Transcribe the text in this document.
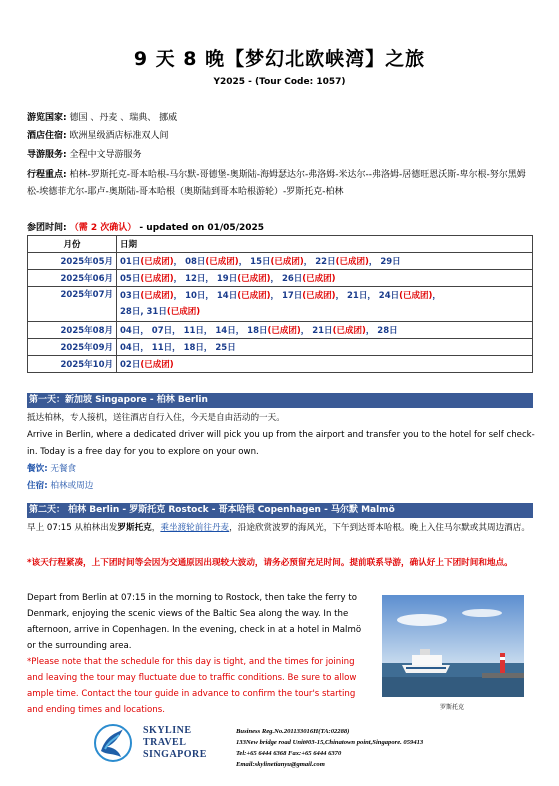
9 天 8 晚【梦幻北欧峡湾】之旅
Y2025 - (Tour Code: 1057)
游览国家: 德国 、丹麦 、瑞典、 挪威
酒店住宿: 欧洲星级酒店标准双人间
导游服务: 全程中文导游服务
行程重点: 柏林-罗斯托克-哥本哈根-马尔默-哥德堡-奥斯陆-海姆瑟达尔-弗洛姆-米达尔--弗洛姆-居德旺恩沃斯-卑尔根-努尔黑姆松-埃德菲尤尔-耶卢-奥斯陆-哥本哈根（奥斯陆到哥本哈根游轮）-罗斯托克-柏林
参团时间: （需 2 次确认） - updated on 01/05/2025
月份	日期
2025年05月	01日(已成团)， 08日(已成团)， 15日(已成团)， 22日(已成团)， 29日
2025年06月	05日(已成团)， 12日， 19日(已成团)， 26日(已成团)
2025年07月	03日(已成团)， 10日， 14日(已成团)， 17日(已成团)， 21日， 24日(已成团)，
28日, 31日(已成团)

2025年08月	04日， 07日， 11日， 14日， 18日(已成团)， 21日(已成团)， 28日
2025年09月	04日， 11日， 18日， 25日
2025年10月	02日(已成团)
第一天：新加坡 Singapore - 柏林 Berlin
抵达柏林，专人接机，送往酒店自行入住，今天是自由活动的一天。
Arrive in Berlin, where a dedicated driver will pick you up from the airport and transfer you to the hotel for self check-in. Today is a free day for you to explore on your own.
餐饮: 无餐食
住宿: 柏林或周边
第二天： 柏林 Berlin - 罗斯托克 Rostock - 哥本哈根 Copenhagen - 马尔默 Malmö
早上 07:15 从柏林出发罗斯托克，乘坐渡轮前往丹麦，沿途欣赏波罗的海风光，下午到达哥本哈根。晚上入住马尔默或其周边酒店。
*该天行程紧凑，上下团时间等会因为交通原因出现较大波动，请务必预留充足时间。提前联系导游，确认好上下团时间和地点。
Depart from Berlin at 07:15 in the morning to Rostock, then take the ferry to Denmark, enjoying the scenic views of the Baltic Sea along the way. In the afternoon, arrive in Copenhagen. In the evening, check in at a hotel in Malmö or the surrounding area.
*Please note that the schedule for this day is tight, and the times for joining and leaving the tour may fluctuate due to traffic conditions. Be sure to allow ample time. Contact the tour guide in advance to confirm the tour's starting and ending times and locations.	罗斯托克
SKYLINE
TRAVEL
SINGAPORE
Business Reg.No.201133016H(TA:02288)
133New bridge road Unit#03-15,Chinatown point,Singapore. 059413
Tel:+65 6444 6368 Fax:+65 6444 6370
Email:skylinetianyu@gmail.com
